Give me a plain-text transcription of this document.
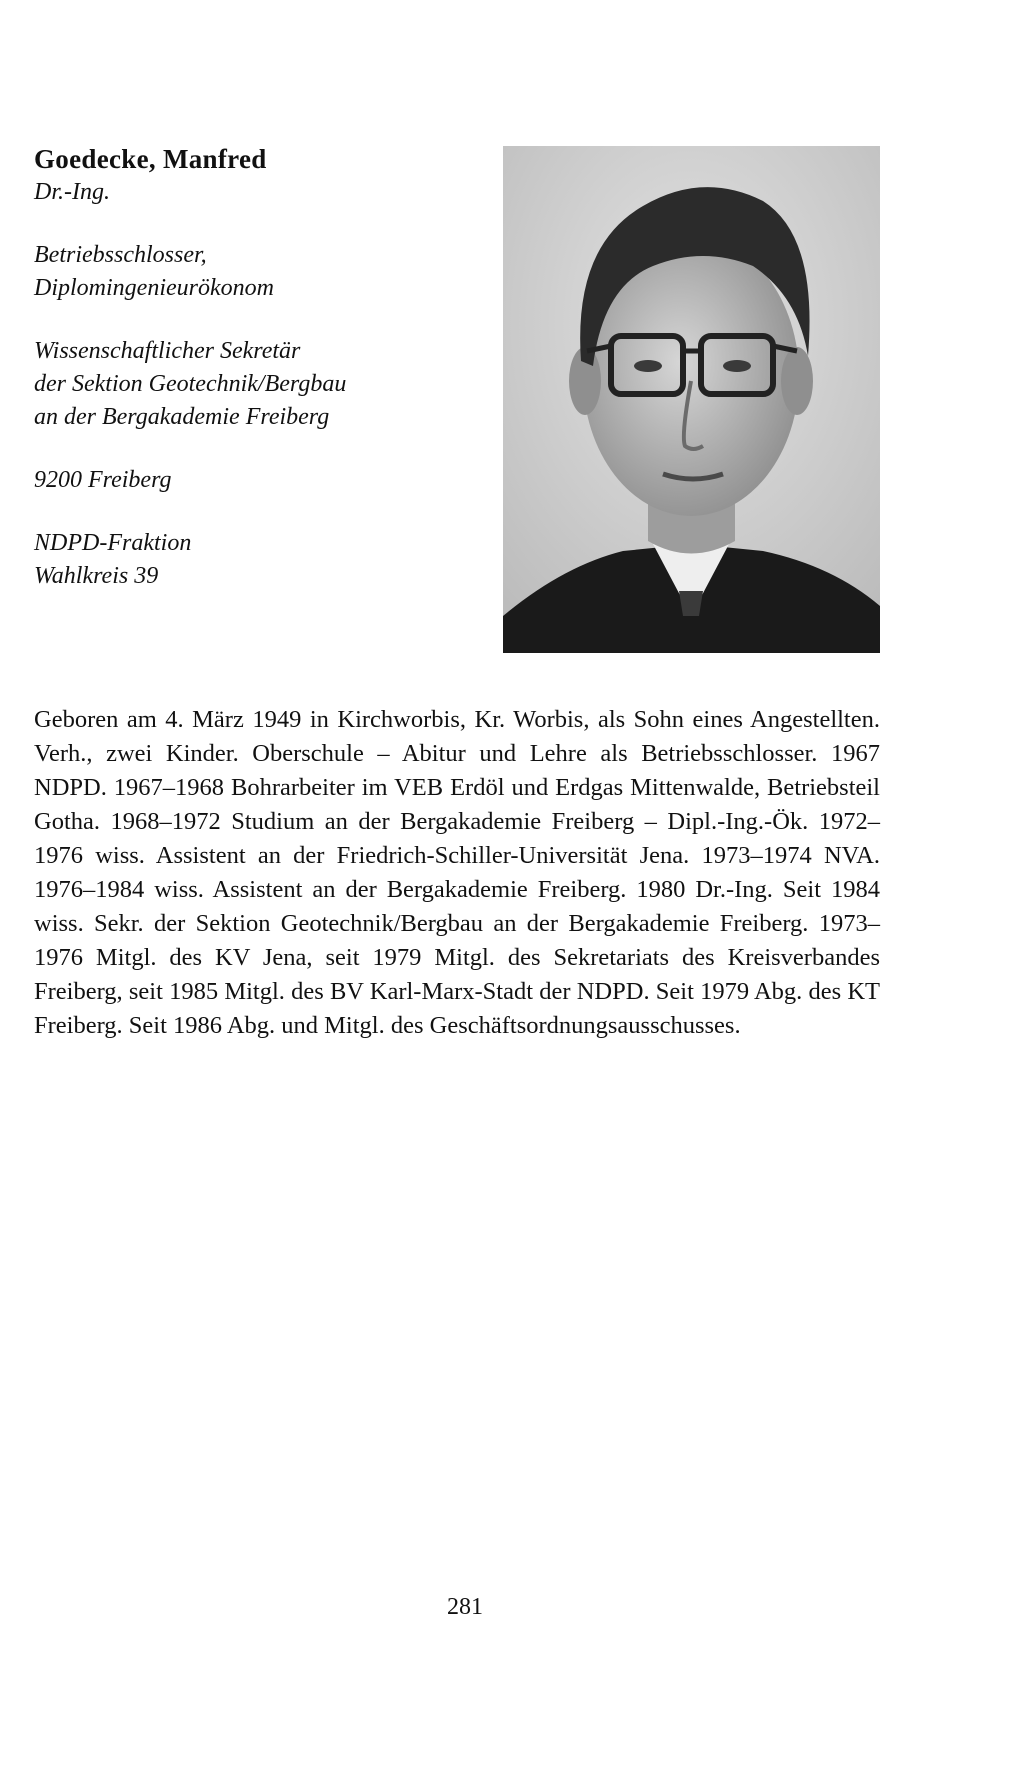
Goedecke, Manfred
Dr.-Ing.
Betriebsschlosser,
Diplomingenieurökonom
Wissenschaftlicher Sekretär
der Sektion Geotechnik/Bergbau
an der Bergakademie Freiberg
9200 Freiberg
NDPD-Fraktion
Wahlkreis 39
Geboren am 4. März 1949 in Kirchworbis, Kr. Worbis, als Sohn eines Angestellten. Verh., zwei Kinder. Oberschule – Abitur und Lehre als Betriebsschlosser. 1967 NDPD. 1967–1968 Bohrarbeiter im VEB Erdöl und Erdgas Mittenwalde, Betriebsteil Gotha. 1968–1972 Studium an der Bergakademie Freiberg – Dipl.-Ing.-Ök. 1972–1976 wiss. Assistent an der Friedrich-Schiller-Universität Jena. 1973–1974 NVA. 1976–1984 wiss. Assistent an der Bergakademie Freiberg. 1980 Dr.-Ing. Seit 1984 wiss. Sekr. der Sektion Geotechnik/Bergbau an der Bergakademie Freiberg. 1973–1976 Mitgl. des KV Jena, seit 1979 Mitgl. des Sekretariats des Kreisverbandes Freiberg, seit 1985 Mitgl. des BV Karl-Marx-Stadt der NDPD. Seit 1979 Abg. des KT Freiberg. Seit 1986 Abg. und Mitgl. des Geschäftsordnungsausschusses.
281
